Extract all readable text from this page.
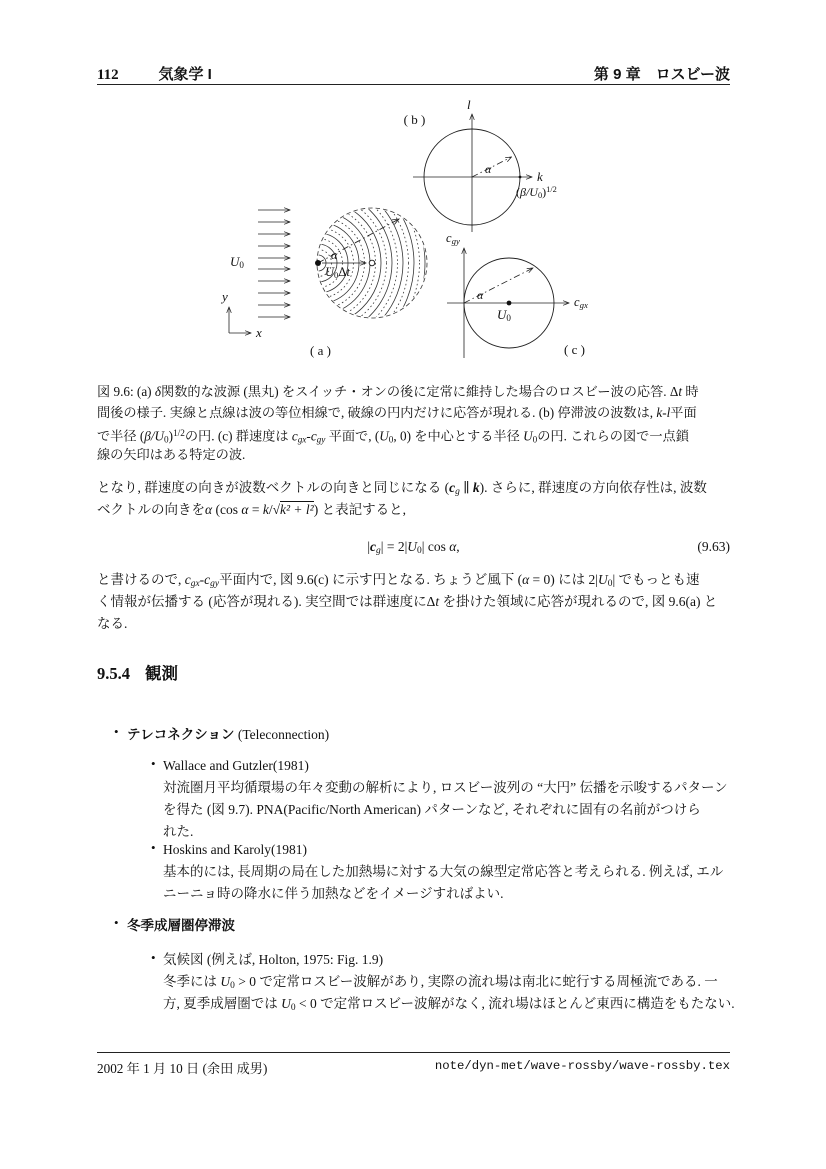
112	気象学 I	第 9 章　ロスビー波
U0
y
x
α
U0Δt
( a )
( b )
l
k
$(\beta/U0)^{1/2}$
α
cgy
cgx
α
U0
( c )
図 9.6: (a) δ関数的な波源 (黒丸) をスイッチ・オンの後に定常に維持した場合のロスビー波の応答. Δt 時
間後の様子. 実線と点線は波の等位相線で, 破線の円内だけに応答が現れる. (b) 停滞波の波数は, k-l平面
で半径 $(\beta/U0)^{1/2}$の円. (c) 群速度は cgx-cgy 平面で, (U0, 0) を中心とする半径 U0の円. これらの図で一点鎖
線の矢印はある特定の波.
となり, 群速度の向きが波数ベクトルの向きと同じになる (cg ∥ k). さらに, 群速度の方向依存性は, 波数
ベクトルの向きをα (cos α = k/√k² + l²) と表記すると,
|cg| = 2|U0| cos α,	(9.63)
と書けるので, cgx-cgy平面内で, 図 9.6(c) に示す円となる. ちょうど風下 (α = 0) には 2|U0| でもっとも速
く情報が伝播する (応答が現れる). 実空間では群速度にΔt を掛けた領域に応答が現れるので, 図 9.6(a) と
なる.
9.5.4 観測
• テレコネクション (Teleconnection)
• Wallace and Gutzler(1981)
対流圏月平均循環場の年々変動の解析により, ロスビー波列の “大円” 伝播を示唆するパターン
を得た (図 9.7). PNA(Pacific/North American) パターンなど, それぞれに固有の名前がつけら
れた.
• Hoskins and Karoly(1981)
基本的には, 長周期の局在した加熱場に対する大気の線型定常応答と考えられる. 例えば, エル
ニーニョ時の降水に伴う加熱などをイメージすればよい.
• 冬季成層圏停滞波
• 気候図 (例えば, Holton, 1975: Fig. 1.9)
冬季には U0 > 0 で定常ロスビー波解があり, 実際の流れ場は南北に蛇行する周極流である. 一
方, 夏季成層圏では U0 < 0 で定常ロスビー波解がなく, 流れ場はほとんど東西に構造をもたない.
2002 年 1 月 10 日 (余田 成男)	note/dyn-met/wave-rossby/wave-rossby.tex
